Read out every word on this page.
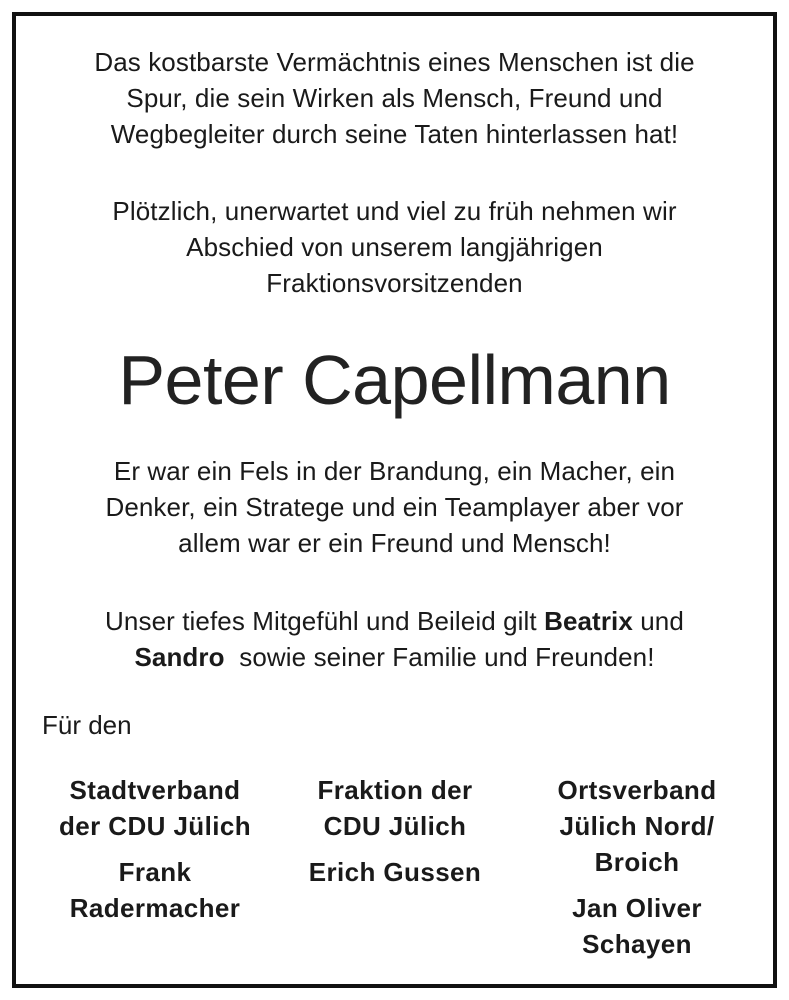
Das kostbarste Vermächtnis eines Menschen ist die
Spur, die sein Wirken als Mensch, Freund und
Wegbegleiter durch seine Taten hinterlassen hat!
Plötzlich, unerwartet und viel zu früh nehmen wir
Abschied von unserem langjährigen
Fraktionsvorsitzenden
Peter Capellmann
Er war ein Fels in der Brandung, ein Macher, ein
Denker, ein Stratege und ein Teamplayer aber vor
allem war er ein Freund und Mensch!
Unser tiefes Mitgefühl und Beileid gilt Beatrix und
Sandro  sowie seiner Familie und Freunden!
Für den
Stadtverband
der CDU Jülich
Frank
Radermacher
Fraktion der
CDU Jülich
Erich Gussen
Ortsverband
Jülich Nord/
Broich
Jan Oliver
Schayen
